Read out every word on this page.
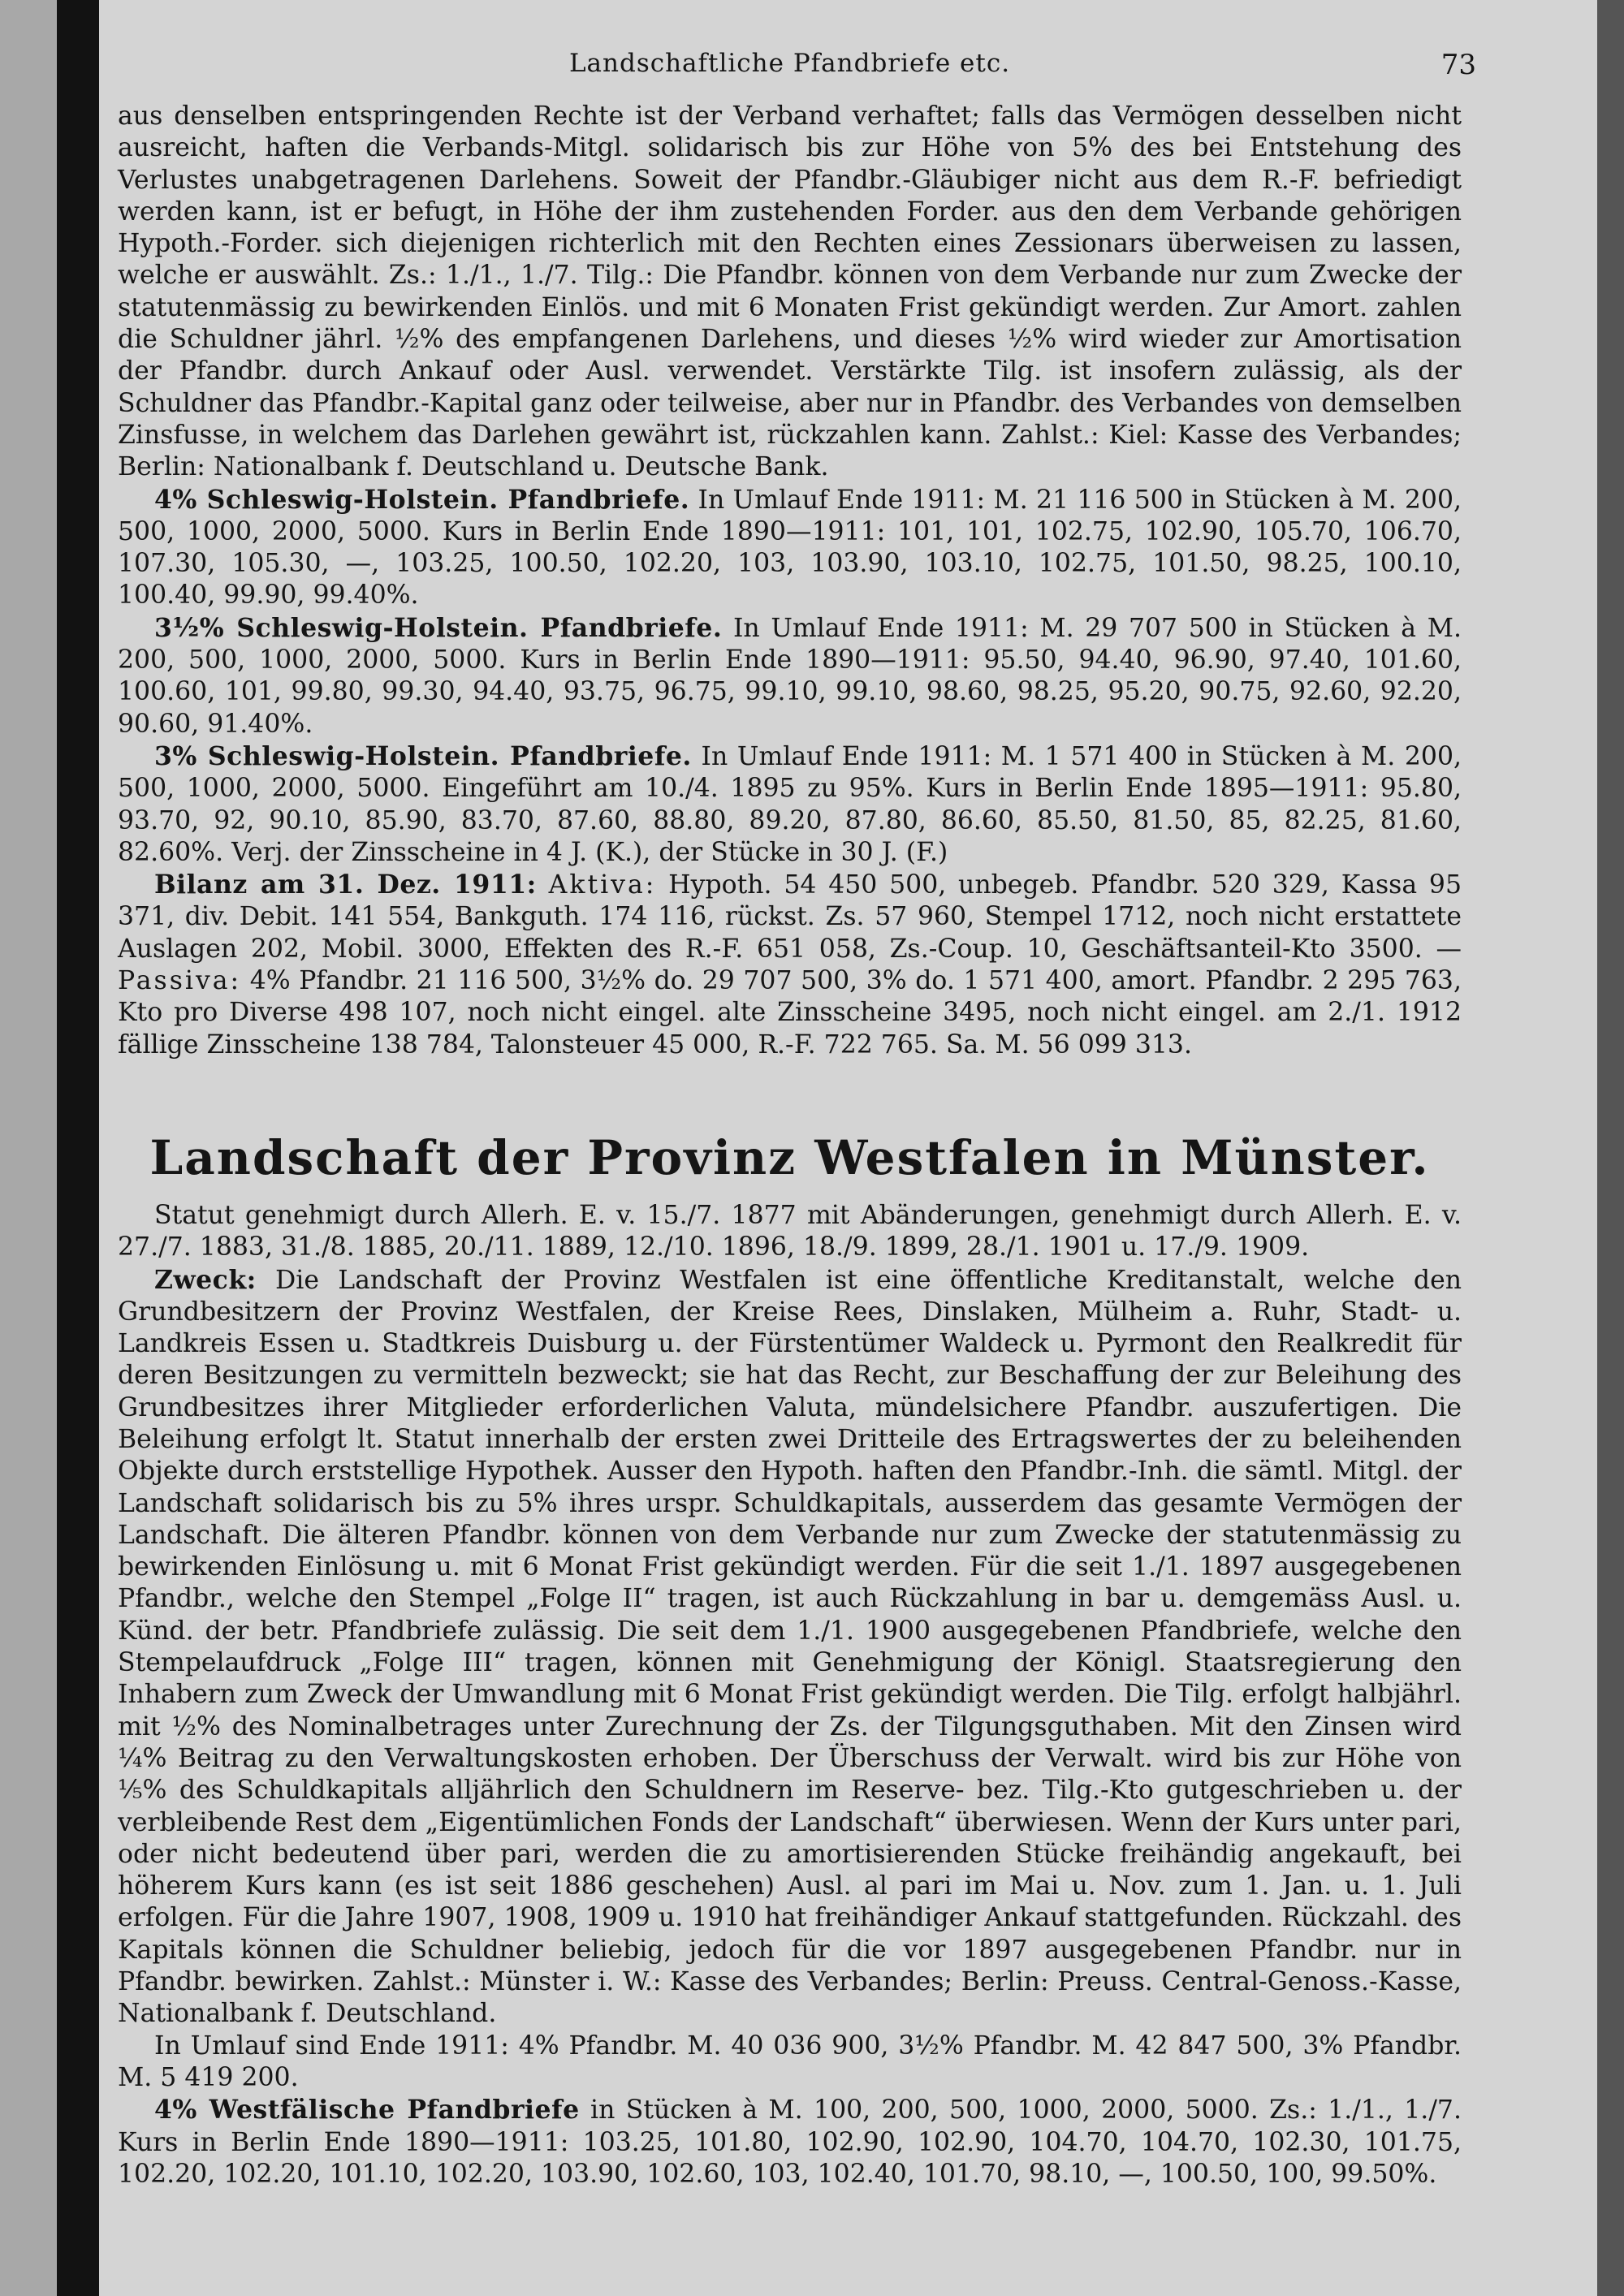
Landschaftliche Pfandbriefe etc.	73

aus denselben entspringenden Rechte ist der Verband verhaftet; falls das Vermögen desselben nicht ausreicht, haften die Verbands-Mitgl. solidarisch bis zur Höhe von 5% des bei Entstehung des Verlustes unabgetragenen Darlehens. Soweit der Pfandbr.-Gläubiger nicht aus dem R.-F. befriedigt werden kann, ist er befugt, in Höhe der ihm zustehenden Forder. aus den dem Verbande gehörigen Hypoth.-Forder. sich diejenigen richterlich mit den Rechten eines Zessionars überweisen zu lassen, welche er auswählt. Zs.: 1./1., 1./7. Tilg.: Die Pfandbr. können von dem Verbande nur zum Zwecke der statutenmässig zu bewirkenden Einlös. und mit 6 Monaten Frist gekündigt werden. Zur Amort. zahlen die Schuldner jährl. ½% des empfangenen Darlehens, und dieses ½% wird wieder zur Amortisation der Pfandbr. durch Ankauf oder Ausl. verwendet. Verstärkte Tilg. ist insofern zulässig, als der Schuldner das Pfandbr.-Kapital ganz oder teilweise, aber nur in Pfandbr. des Verbandes von demselben Zinsfusse, in welchem das Darlehen gewährt ist, rückzahlen kann. Zahlst.: Kiel: Kasse des Verbandes; Berlin: Nationalbank f. Deutschland u. Deutsche Bank.

4% Schleswig-Holstein. Pfandbriefe. In Umlauf Ende 1911: M. 21 116 500 in Stücken à M. 200, 500, 1000, 2000, 5000. Kurs in Berlin Ende 1890—1911: 101, 101, 102.75, 102.90, 105.70, 106.70, 107.30, 105.30, —, 103.25, 100.50, 102.20, 103, 103.90, 103.10, 102.75, 101.50, 98.25, 100.10, 100.40, 99.90, 99.40%.

3½% Schleswig-Holstein. Pfandbriefe. In Umlauf Ende 1911: M. 29 707 500 in Stücken à M. 200, 500, 1000, 2000, 5000. Kurs in Berlin Ende 1890—1911: 95.50, 94.40, 96.90, 97.40, 101.60, 100.60, 101, 99.80, 99.30, 94.40, 93.75, 96.75, 99.10, 99.10, 98.60, 98.25, 95.20, 90.75, 92.60, 92.20, 90.60, 91.40%.

3% Schleswig-Holstein. Pfandbriefe. In Umlauf Ende 1911: M. 1 571 400 in Stücken à M. 200, 500, 1000, 2000, 5000. Eingeführt am 10./4. 1895 zu 95%. Kurs in Berlin Ende 1895—1911: 95.80, 93.70, 92, 90.10, 85.90, 83.70, 87.60, 88.80, 89.20, 87.80, 86.60, 85.50, 81.50, 85, 82.25, 81.60, 82.60%. Verj. der Zinsscheine in 4 J. (K.), der Stücke in 30 J. (F.)

Bilanz am 31. Dez. 1911: Aktiva: Hypoth. 54 450 500, unbegeb. Pfandbr. 520 329, Kassa 95 371, div. Debit. 141 554, Bankguth. 174 116, rückst. Zs. 57 960, Stempel 1712, noch nicht erstattete Auslagen 202, Mobil. 3000, Effekten des R.-F. 651 058, Zs.-Coup. 10, Geschäftsanteil-Kto 3500. — Passiva: 4% Pfandbr. 21 116 500, 3½% do. 29 707 500, 3% do. 1 571 400, amort. Pfandbr. 2 295 763, Kto pro Diverse 498 107, noch nicht eingel. alte Zinsscheine 3495, noch nicht eingel. am 2./1. 1912 fällige Zinsscheine 138 784, Talonsteuer 45 000, R.-F. 722 765. Sa. M. 56 099 313.

Landschaft der Provinz Westfalen in Münster.

Statut genehmigt durch Allerh. E. v. 15./7. 1877 mit Abänderungen, genehmigt durch Allerh. E. v. 27./7. 1883, 31./8. 1885, 20./11. 1889, 12./10. 1896, 18./9. 1899, 28./1. 1901 u. 17./9. 1909.

Zweck: Die Landschaft der Provinz Westfalen ist eine öffentliche Kreditanstalt, welche den Grundbesitzern der Provinz Westfalen, der Kreise Rees, Dinslaken, Mülheim a. Ruhr, Stadt- u. Landkreis Essen u. Stadtkreis Duisburg u. der Fürstentümer Waldeck u. Pyrmont den Realkredit für deren Besitzungen zu vermitteln bezweckt; sie hat das Recht, zur Beschaffung der zur Beleihung des Grundbesitzes ihrer Mitglieder erforderlichen Valuta, mündelsichere Pfandbr. auszufertigen. Die Beleihung erfolgt lt. Statut innerhalb der ersten zwei Dritteile des Ertragswertes der zu beleihenden Objekte durch erststellige Hypothek. Ausser den Hypoth. haften den Pfandbr.-Inh. die sämtl. Mitgl. der Landschaft solidarisch bis zu 5% ihres urspr. Schuldkapitals, ausserdem das gesamte Vermögen der Landschaft. Die älteren Pfandbr. können von dem Verbande nur zum Zwecke der statutenmässig zu bewirkenden Einlösung u. mit 6 Monat Frist gekündigt werden. Für die seit 1./1. 1897 ausgegebenen Pfandbr., welche den Stempel „Folge II“ tragen, ist auch Rückzahlung in bar u. demgemäss Ausl. u. Künd. der betr. Pfandbriefe zulässig. Die seit dem 1./1. 1900 ausgegebenen Pfandbriefe, welche den Stempelaufdruck „Folge III“ tragen, können mit Genehmigung der Königl. Staatsregierung den Inhabern zum Zweck der Umwandlung mit 6 Monat Frist gekündigt werden. Die Tilg. erfolgt halbjährl. mit ½% des Nominalbetrages unter Zurechnung der Zs. der Tilgungsguthaben. Mit den Zinsen wird ¼% Beitrag zu den Verwaltungskosten erhoben. Der Überschuss der Verwalt. wird bis zur Höhe von ⅕% des Schuldkapitals alljährlich den Schuldnern im Reserve- bez. Tilg.-Kto gutgeschrieben u. der verbleibende Rest dem „Eigentümlichen Fonds der Landschaft“ überwiesen. Wenn der Kurs unter pari, oder nicht bedeutend über pari, werden die zu amortisierenden Stücke freihändig angekauft, bei höherem Kurs kann (es ist seit 1886 geschehen) Ausl. al pari im Mai u. Nov. zum 1. Jan. u. 1. Juli erfolgen. Für die Jahre 1907, 1908, 1909 u. 1910 hat freihändiger Ankauf stattgefunden. Rückzahl. des Kapitals können die Schuldner beliebig, jedoch für die vor 1897 ausgegebenen Pfandbr. nur in Pfandbr. bewirken. Zahlst.: Münster i. W.: Kasse des Verbandes; Berlin: Preuss. Central-Genoss.-Kasse, Nationalbank f. Deutschland.

In Umlauf sind Ende 1911: 4% Pfandbr. M. 40 036 900, 3½% Pfandbr. M. 42 847 500, 3% Pfandbr. M. 5 419 200.

4% Westfälische Pfandbriefe in Stücken à M. 100, 200, 500, 1000, 2000, 5000. Zs.: 1./1., 1./7. Kurs in Berlin Ende 1890—1911: 103.25, 101.80, 102.90, 102.90, 104.70, 104.70, 102.30, 101.75, 102.20, 102.20, 101.10, 102.20, 103.90, 102.60, 103, 102.40, 101.70, 98.10, —, 100.50, 100, 99.50%.
